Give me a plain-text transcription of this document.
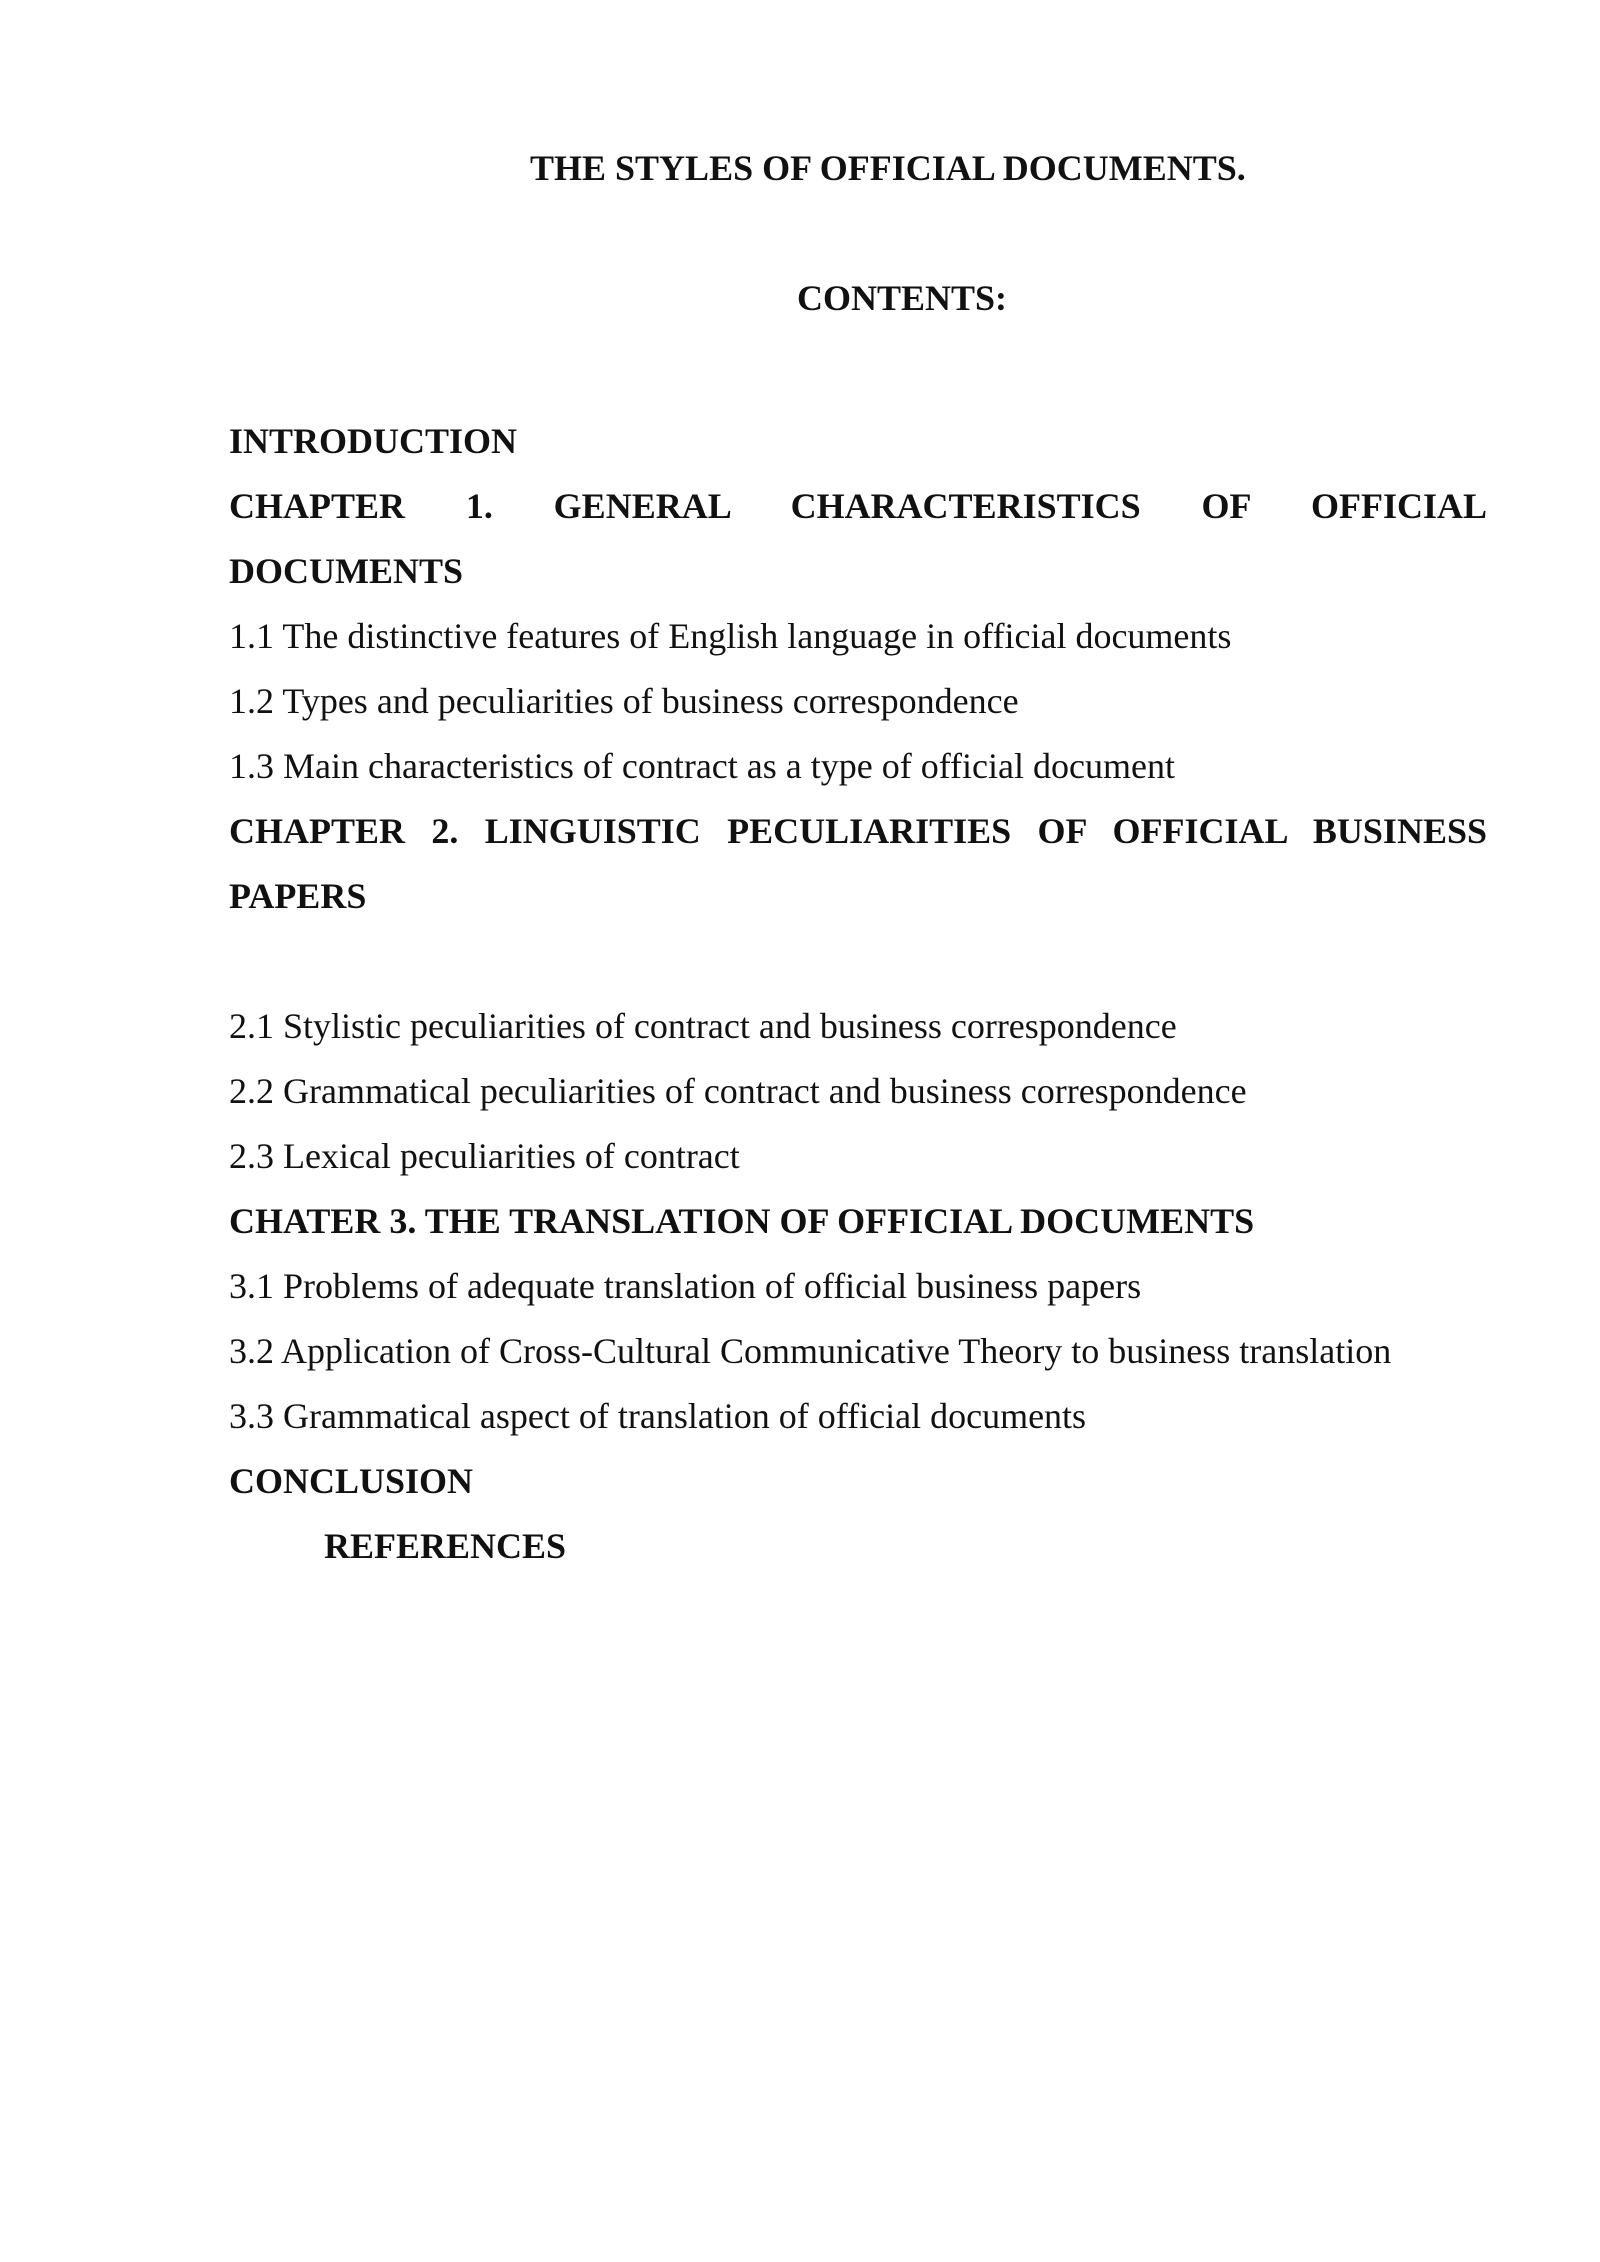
THE STYLES OF OFFICIAL DOCUMENTS.
CONTENTS:
INTRODUCTION
CHAPTER 1. GENERAL CHARACTERISTICS OF OFFICIAL
DOCUMENTS
1.1 The distinctive features of English language in official documents
1.2 Types and peculiarities of business correspondence
1.3 Main characteristics of contract as a type of official document
CHAPTER 2. LINGUISTIC PECULIARITIES OF OFFICIAL BUSINESS
PAPERS
2.1 Stylistic peculiarities of contract and business correspondence
2.2 Grammatical peculiarities of contract and business correspondence
2.3 Lexical peculiarities of contract
CHATER 3. THE TRANSLATION OF OFFICIAL DOCUMENTS
3.1 Problems of adequate translation of official business papers
3.2 Application of Cross-Cultural Communicative Theory to business translation
3.3 Grammatical aspect of translation of official documents
CONCLUSION
REFERENCES
